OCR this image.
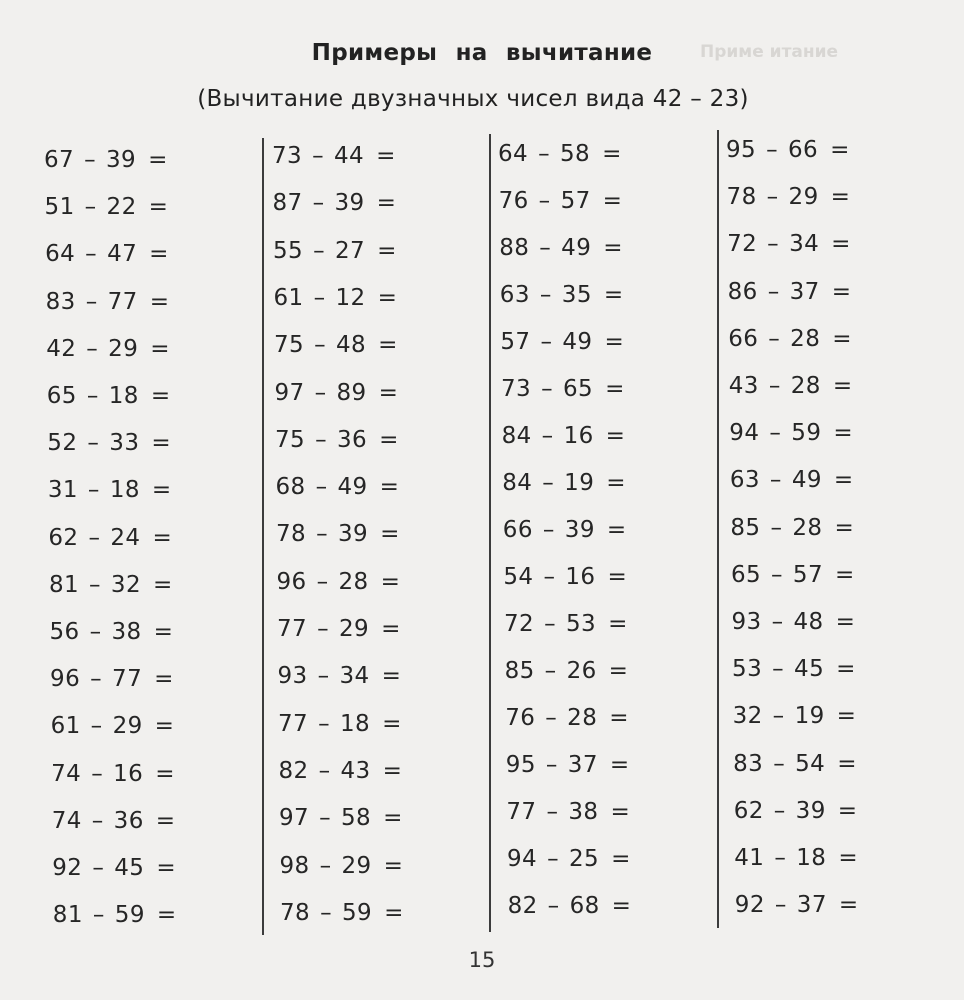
Приме итание
Примеры на вычитание
(Вычитание двузначных чисел вида 42 – 23)
67 – 39 =
51 – 22 =
64 – 47 =
83 – 77 =
42 – 29 =
65 – 18 =
52 – 33 =
31 – 18 =
62 – 24 =
81 – 32 =
56 – 38 =
96 – 77 =
61 – 29 =
74 – 16 =
74 – 36 =
92 – 45 =
81 – 59 =
73 – 44 =
87 – 39 =
55 – 27 =
61 – 12 =
75 – 48 =
97 – 89 =
75 – 36 =
68 – 49 =
78 – 39 =
96 – 28 =
77 – 29 =
93 – 34 =
77 – 18 =
82 – 43 =
97 – 58 =
98 – 29 =
78 – 59 =
64 – 58 =
76 – 57 =
88 – 49 =
63 – 35 =
57 – 49 =
73 – 65 =
84 – 16 =
84 – 19 =
66 – 39 =
54 – 16 =
72 – 53 =
85 – 26 =
76 – 28 =
95 – 37 =
77 – 38 =
94 – 25 =
82 – 68 =
95 – 66 =
78 – 29 =
72 – 34 =
86 – 37 =
66 – 28 =
43 – 28 =
94 – 59 =
63 – 49 =
85 – 28 =
65 – 57 =
93 – 48 =
53 – 45 =
32 – 19 =
83 – 54 =
62 – 39 =
41 – 18 =
92 – 37 =
15
